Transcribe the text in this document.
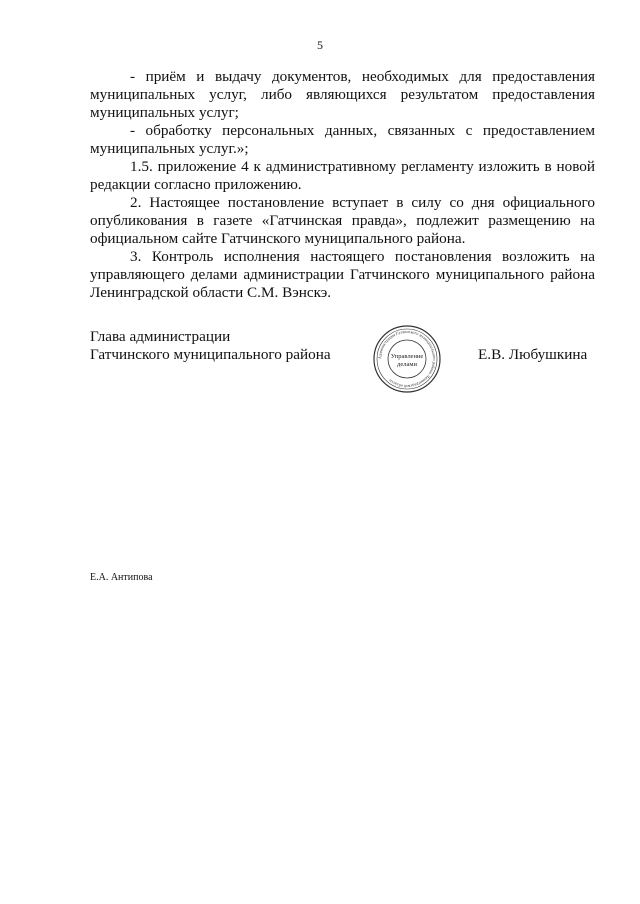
5

- приём и выдачу документов, необходимых для предоставления муниципальных услуг, либо являющихся результатом предоставления муниципальных услуг;

- обработку персональных данных, связанных с предоставлением муниципальных услуг.»;

1.5. приложение 4 к административному регламенту изложить в новой редакции согласно приложению.

2. Настоящее постановление вступает в силу со дня официального опубликования в газете «Гатчинская правда», подлежит размещению на официальном сайте Гатчинского муниципального района.

3. Контроль исполнения настоящего постановления возложить на управляющего делами администрации Гатчинского муниципального района Ленинградской области С.М. Вэнскэ.

Глава администрации
Гатчинского муниципального района	Е.В. Любушкина
Администрация Гатчинского муниципального района Ленинградской области
Управление
делами
Е.А. Антипова
